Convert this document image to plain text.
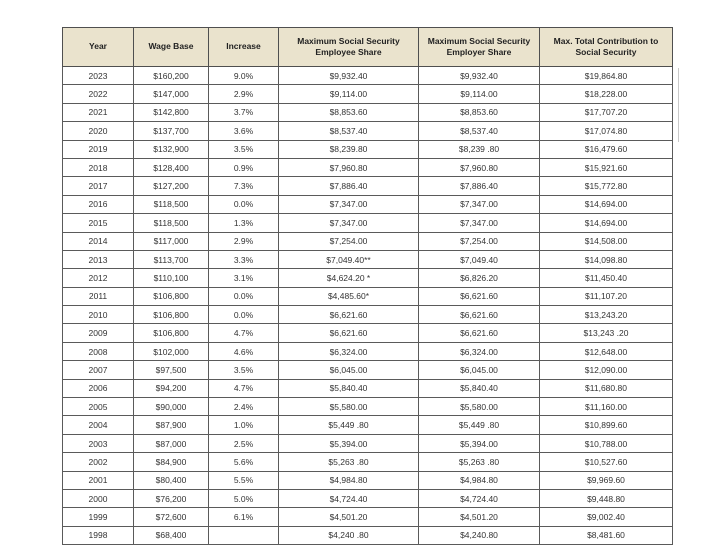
Year	Wage Base	Increase	Maximum Social Security Employee Share	Maximum Social Security Employer Share	Max. Total Contribution to Social Security
2023	$160,200	9.0%	$9,932.40	$9,932.40	$19,864.80
2022	$147,000	2.9%	$9,114.00	$9,114.00	$18,228.00
2021	$142,800	3.7%	$8,853.60	$8,853.60	$17,707.20
2020	$137,700	3.6%	$8,537.40	$8,537.40	$17,074.80
2019	$132,900	3.5%	$8,239.80	$8,239 .80	$16,479.60
2018	$128,400	0.9%	$7,960.80	$7,960.80	$15,921.60
2017	$127,200	7.3%	$7,886.40	$7,886.40	$15,772.80
2016	$118,500	0.0%	$7,347.00	$7,347.00	$14,694.00
2015	$118,500	1.3%	$7,347.00	$7,347.00	$14,694.00
2014	$117,000	2.9%	$7,254.00	$7,254.00	$14,508.00
2013	$113,700	3.3%	$7,049.40**	$7,049.40	$14,098.80
2012	$110,100	3.1%	$4,624.20 *	$6,826.20	$11,450.40
2011	$106,800	0.0%	$4,485.60*	$6,621.60	$11,107.20
2010	$106,800	0.0%	$6,621.60	$6,621.60	$13,243.20
2009	$106,800	4.7%	$6,621.60	$6,621.60	$13,243 .20
2008	$102,000	4.6%	$6,324.00	$6,324.00	$12,648.00
2007	$97,500	3.5%	$6,045.00	$6,045.00	$12,090.00
2006	$94,200	4.7%	$5,840.40	$5,840.40	$11,680.80
2005	$90,000	2.4%	$5,580.00	$5,580.00	$11,160.00
2004	$87,900	1.0%	$5,449 .80	$5,449 .80	$10,899.60
2003	$87,000	2.5%	$5,394.00	$5,394.00	$10,788.00
2002	$84,900	5.6%	$5,263 .80	$5,263 .80	$10,527.60
2001	$80,400	5.5%	$4,984.80	$4,984.80	$9,969.60
2000	$76,200	5.0%	$4,724.40	$4,724.40	$9,448.80
1999	$72,600	6.1%	$4,501.20	$4,501.20	$9,002.40
1998	$68,400		$4,240 .80	$4,240.80	$8,481.60
